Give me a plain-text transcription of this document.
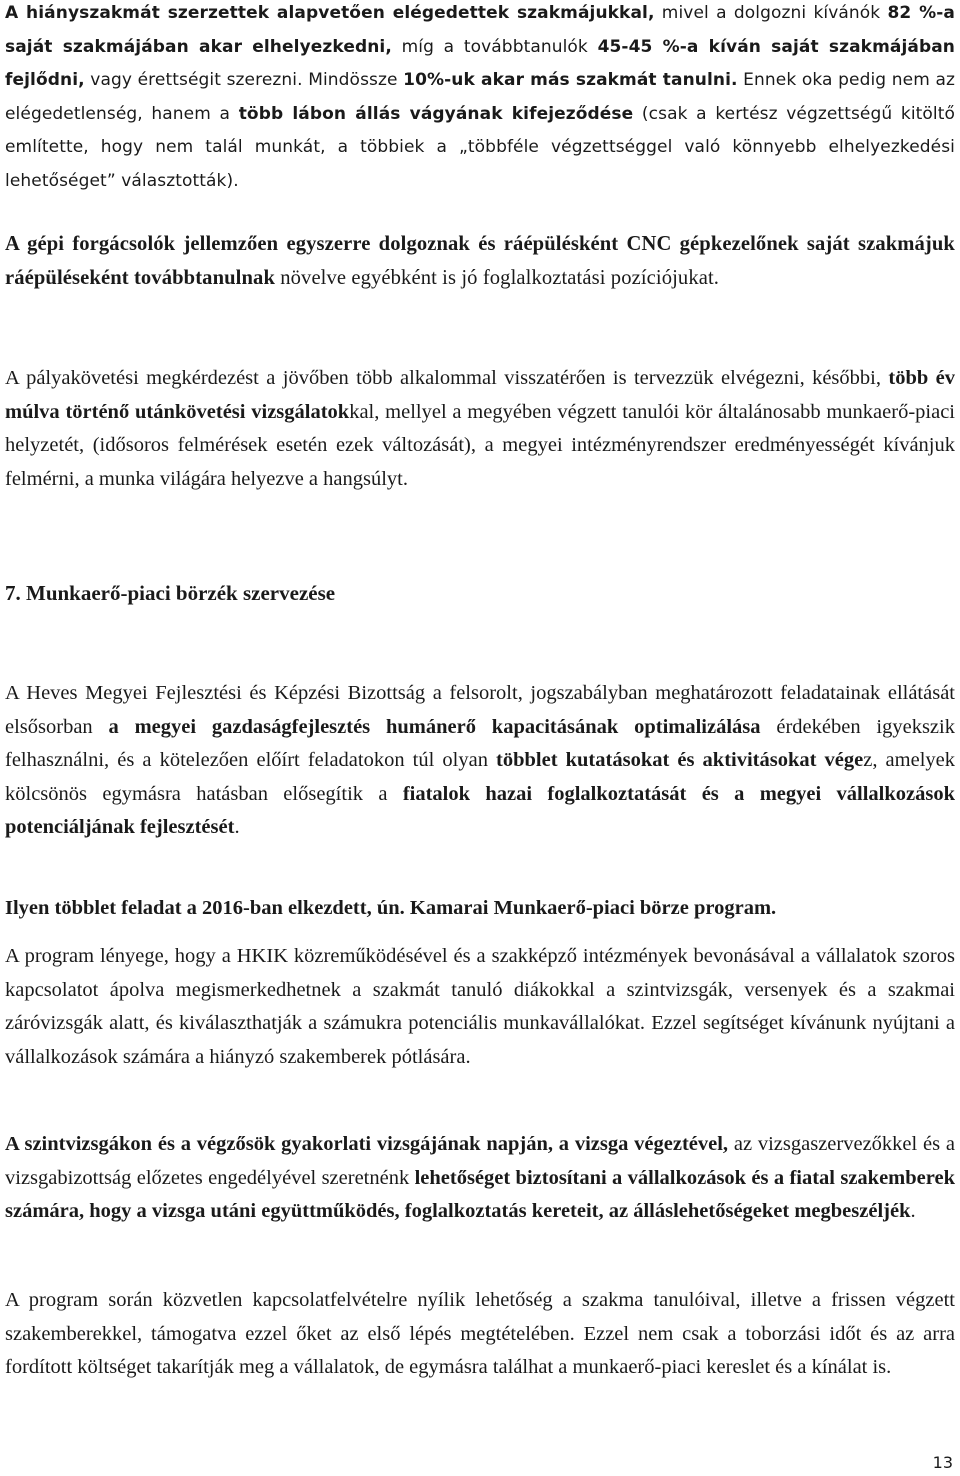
A hiányszakmát szerzettek alapvetően elégedettek szakmájukkal, mivel a dolgozni kívánók 82 %-a saját szakmájában akar elhelyezkedni, míg a továbbtanulók 45-45 %-a kíván saját szakmájában fejlődni, vagy érettségit szerezni. Mindössze 10%-uk akar más szakmát tanulni. Ennek oka pedig nem az elégedetlenség, hanem a több lábon állás vágyának kifejeződése (csak a kertész végzettségű kitöltő említette, hogy nem talál munkát, a többiek a „többféle végzettséggel való könnyebb elhelyezkedési lehetőséget” választották).

A gépi forgácsolók jellemzően egyszerre dolgoznak és ráépülésként CNC gépkezelőnek saját szakmájuk ráépüléseként továbbtanulnak növelve egyébként is jó foglalkoztatási pozíciójukat.

A pályakövetési megkérdezést a jövőben több alkalommal visszatérően is tervezzük elvégezni, későbbi, több év múlva történő utánkövetési vizsgálatokkal, mellyel a megyében végzett tanulói kör általánosabb munkaerő-piaci helyzetét, (idősoros felmérések esetén ezek változását), a megyei intézményrendszer eredményességét kívánjuk felmérni, a munka világára helyezve a hangsúlyt.

7. Munkaerő-piaci börzék szervezése

A Heves Megyei Fejlesztési és Képzési Bizottság a felsorolt, jogszabályban meghatározott feladatainak ellátását elsősorban a megyei gazdaságfejlesztés humánerő kapacitásának optimalizálása érdekében igyekszik felhasználni, és a kötelezően előírt feladatokon túl olyan többlet kutatásokat és aktivitásokat végez, amelyek kölcsönös egymásra hatásban elősegítik a fiatalok hazai foglalkoztatását és a megyei vállalkozások potenciáljának fejlesztését.

Ilyen többlet feladat a 2016-ban elkezdett, ún. Kamarai Munkaerő-piaci börze program.

A program lényege, hogy a HKIK közreműködésével és a szakképző intézmények bevonásával a vállalatok szoros kapcsolatot ápolva megismerkedhetnek a szakmát tanuló diákokkal a szintvizsgák, versenyek és a szakmai záróvizsgák alatt, és kiválaszthatják a számukra potenciális munkavállalókat. Ezzel segítséget kívánunk nyújtani a vállalkozások számára a hiányzó szakemberek pótlására.

A szintvizsgákon és a végzősök gyakorlati vizsgájának napján, a vizsga végeztével, az vizsgaszervezőkkel és a vizsgabizottság előzetes engedélyével szeretnénk lehetőséget biztosítani a vállalkozások és a fiatal szakemberek számára, hogy a vizsga utáni együttműködés, foglalkoztatás kereteit, az álláslehetőségeket megbeszéljék.

A program során közvetlen kapcsolatfelvételre nyílik lehetőség a szakma tanulóival, illetve a frissen végzett szakemberekkel, támogatva ezzel őket az első lépés megtételében. Ezzel nem csak a toborzási időt és az arra fordított költséget takarítják meg a vállalatok, de egymásra találhat a munkaerő-piaci kereslet és a kínálat is.

13
